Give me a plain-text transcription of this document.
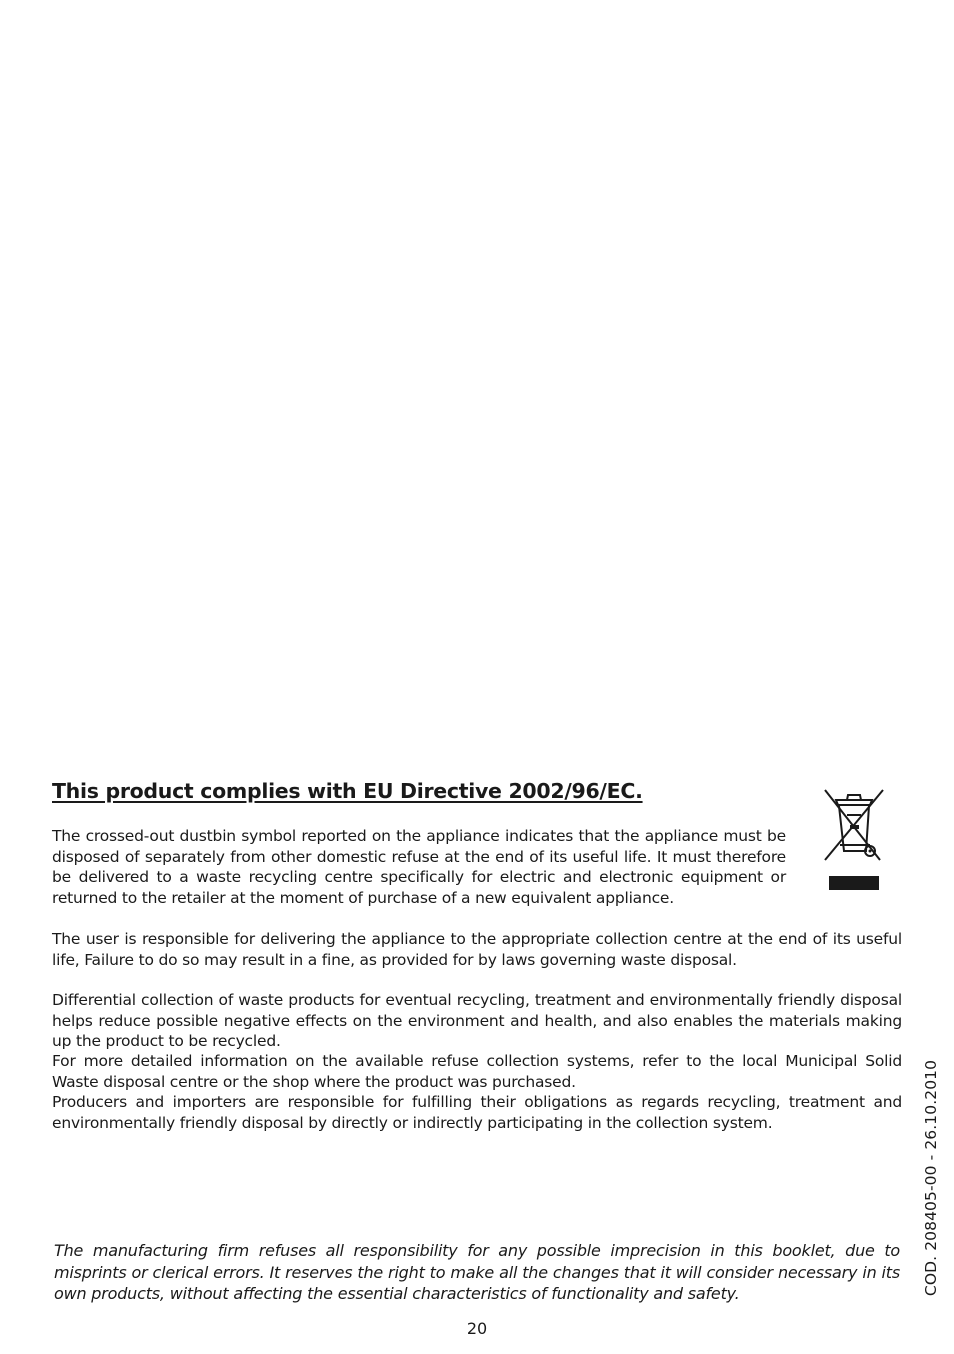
This product complies with EU Directive 2002/96/EC.

The crossed-out dustbin symbol reported on the appliance indicates that the appliance must be disposed of separately from other domestic refuse at the end of its useful life. It must therefore be delivered to a waste recycling centre specifically for electric and electronic equipment or returned to the retailer at the moment of purchase of a new equivalent appliance.

The user is responsible for delivering the appliance to the appropriate collection centre at the end of its useful life, Failure to do so may result in a fine, as provided for by laws governing waste disposal.

Differential collection of waste products for eventual recycling, treatment and environmentally friendly disposal helps reduce possible negative effects on the environment and health, and also enables the materials making up the product to be recycled.

For more detailed information on the available refuse collection systems, refer to the local Municipal Solid Waste disposal centre or the shop where the product was purchased.

Producers and importers are responsible for fulfilling their obligations as regards recycling, treatment and environmentally friendly disposal by directly or indirectly participating in the collection system.

The manufacturing firm refuses all responsibility for any possible imprecision in this booklet, due to misprints or clerical errors. It reserves the right to make all the changes that it will consider necessary in its own products, without affecting the essential characteristics of functionality and safety.

20
COD. 208405-00 - 26.10.2010
